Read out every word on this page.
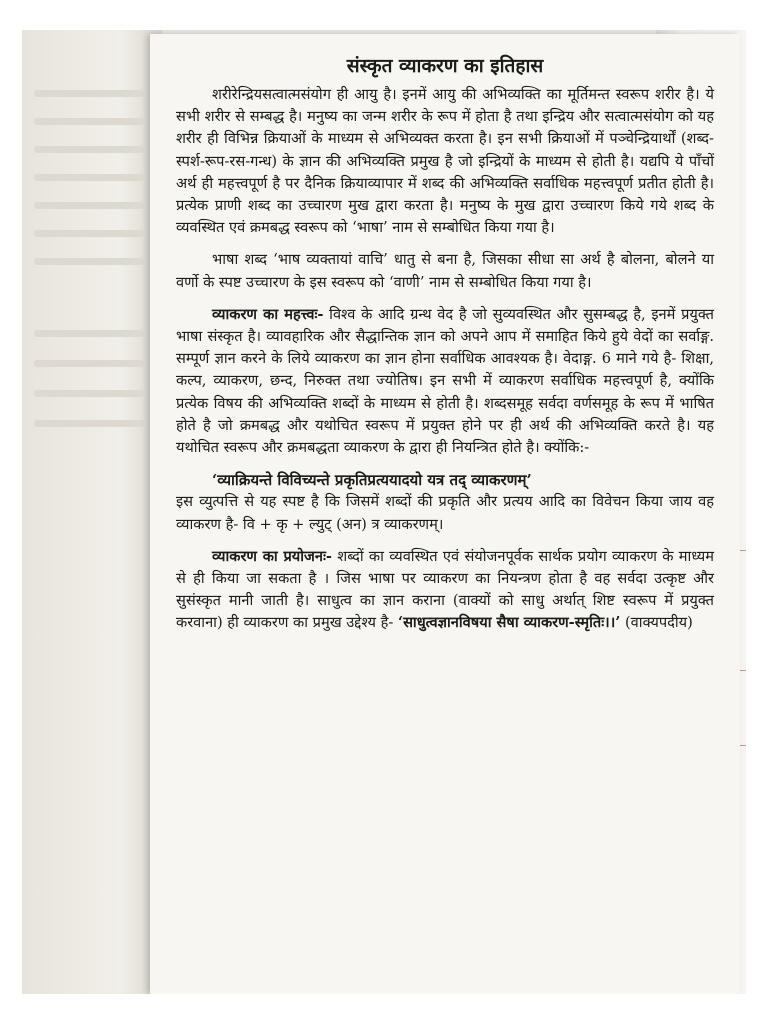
संस्कृत व्याकरण का इतिहास

शरीरेन्द्रियसत्वात्मसंयोग ही आयु है। इनमें आयु की अभिव्यक्ति का मूर्तिमन्त स्वरूप शरीर है। ये सभी शरीर से सम्बद्ध है। मनुष्य का जन्म शरीर के रूप में होता है तथा इन्द्रिय और सत्वात्मसंयोग को यह शरीर ही विभिन्न क्रियाओं के माध्यम से अभिव्यक्त करता है। इन सभी क्रियाओं में पञ्चेन्द्रियार्थों (शब्द-स्पर्श-रूप-रस-गन्ध) के ज्ञान की अभिव्यक्ति प्रमुख है जो इन्द्रियों के माध्यम से होती है। यद्यपि ये पाँचों अर्थ ही महत्त्वपूर्ण है पर दैनिक क्रियाव्यापार में शब्द की अभिव्यक्ति सर्वाधिक महत्त्वपूर्ण प्रतीत होती है। प्रत्येक प्राणी शब्द का उच्चारण मुख द्वारा करता है। मनुष्य के मुख द्वारा उच्चारण किये गये शब्द के व्यवस्थित एवं क्रमबद्ध स्वरूप को ‘भाषा’ नाम से सम्बोधित किया गया है।

भाषा शब्द ‘भाष व्यक्तायां वाचि’ धातु से बना है, जिसका सीधा सा अर्थ है बोलना, बोलने या वर्णो के स्पष्ट उच्चारण के इस स्वरूप को ‘वाणी’ नाम से सम्बोधित किया गया है।

व्याकरण का महत्त्वः- विश्व के आदि ग्रन्थ वेद है जो सुव्यवस्थित और सुसम्बद्ध है, इनमें प्रयुक्त भाषा संस्कृत है। व्यावहारिक और सैद्धान्तिक ज्ञान को अपने आप में समाहित किये हुये वेदों का सर्वाङ्ग. सम्पूर्ण ज्ञान करने के लिये व्याकरण का ज्ञान होना सर्वाधिक आवश्यक है। वेदाङ्ग. 6 माने गये है- शिक्षा, कल्प, व्याकरण, छन्द, निरुक्त तथा ज्योतिष। इन सभी में व्याकरण सर्वाधिक महत्त्वपूर्ण है, क्योंकि प्रत्येक विषय की अभिव्यक्ति शब्दों के माध्यम से होती है। शब्दसमूह सर्वदा वर्णसमूह के रूप में भाषित होते है जो क्रमबद्ध और यथोचित स्वरूप में प्रयुक्त होने पर ही अर्थ की अभिव्यक्ति करते है। यह यथोचित स्वरूप और क्रमबद्धता व्याकरण के द्वारा ही नियन्त्रित होते है। क्योंकि:-

‘व्याक्रियन्ते विविच्यन्ते प्रकृतिप्रत्ययादयो यत्र तद् व्याकरणम्’

इस व्युत्पत्ति से यह स्पष्ट है कि जिसमें शब्दों की प्रकृति और प्रत्यय आदि का विवेचन किया जाय वह व्याकरण है- वि + कृ + ल्युट् (अन) त्र व्याकरणम्।

व्याकरण का प्रयोजनः- शब्दों का व्यवस्थित एवं संयोजनपूर्वक सार्थक प्रयोग व्याकरण के माध्यम से ही किया जा सकता है । जिस भाषा पर व्याकरण का नियन्त्रण होता है वह सर्वदा उत्कृष्ट और सुसंस्कृत मानी जाती है। साधुत्व का ज्ञान कराना (वाक्यों को साधु अर्थात् शिष्ट स्वरूप में प्रयुक्त करवाना) ही व्याकरण का प्रमुख उद्देश्य है- ‘साधुत्वज्ञानविषया सैषा व्याकरण-स्मृतिः।।’ (वाक्यपदीय)
